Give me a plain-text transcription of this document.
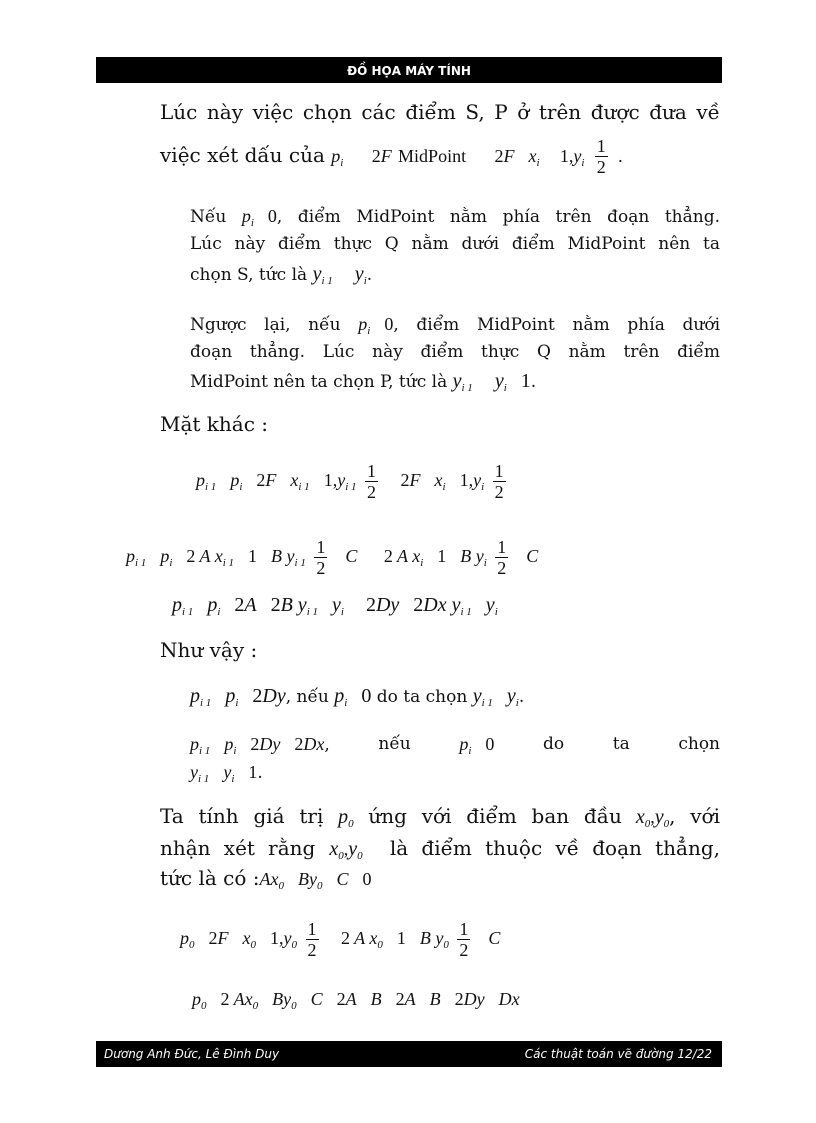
ĐỒ HỌA MÁY TÍNH
Lúc này việc chọn các điểm S, P ở trên được đưa về
việc xét dấu của $p_i$ 2F MidPoint 2F $x_i$ $1,y_i \frac{1}{2}$ .
Nếu $p_i$ 0, điểm MidPoint nằm phía trên đoạn thẳng.
Lúc này điểm thực Q nằm dưới điểm MidPoint nên ta
chọn S, tức là $y_{i 1}$ $y_i$.
Ngược lại, nếu $p_i$ 0, điểm MidPoint nằm phía dưới
đoạn thẳng. Lúc này điểm thực Q nằm trên điểm
MidPoint nên ta chọn P, tức là $y_{i 1}$ $y_i$ 1.
Mặt khác :
$p_{i 1}$ $p_i$ 2F $x_{i 1}$ $1,y_{i 1} \frac{1}{2} 2F$ $x_i$ $1,y_i \frac{1}{2}$
$p_{i 1}$ $p_i$ 2 A $x_{i 1}$ 1 B $y_{i 1} \frac{1}{2}$ C 2 A $x_i$ 1 B $y_i \frac{1}{2}$ C
$p_{i 1}$ $p_i$ 2A 2B $y_{i 1}$ $y_i$ 2Dy 2Dx $y_{i 1}$ $y_i$
Như vậy :
$p_{i 1}$ $p_i$ 2Dy, nếu $p_i$ 0 do ta chọn $y_{i 1}$ $y_i$.
$p_{i 1}$ $p_i$ 2Dy 2Dx,	nếu	$p_i$ 0	do	ta	chọn
$y_{i 1}$ $y_i$ 1.
Ta tính giá trị $p_0$ ứng với điểm ban đầu $x_0,y_0$, với
nhận xét rằng $x_0,y_0$ là điểm thuộc về đoạn thẳng,
tức là có $:Ax_0$ $By_0$ C 0
$p_0$ 2F $x_0$ $1,y_0 \frac{1}{2} 2$ A $x_0$ 1 B $y_0 \frac{1}{2}$ C
$p_0$ 2 $Ax_0$ $By_0$ C 2A B 2A B 2Dy Dx
Dương Anh Đức, Lê Đình Duy	Các thuật toán vẽ đường 12/22
